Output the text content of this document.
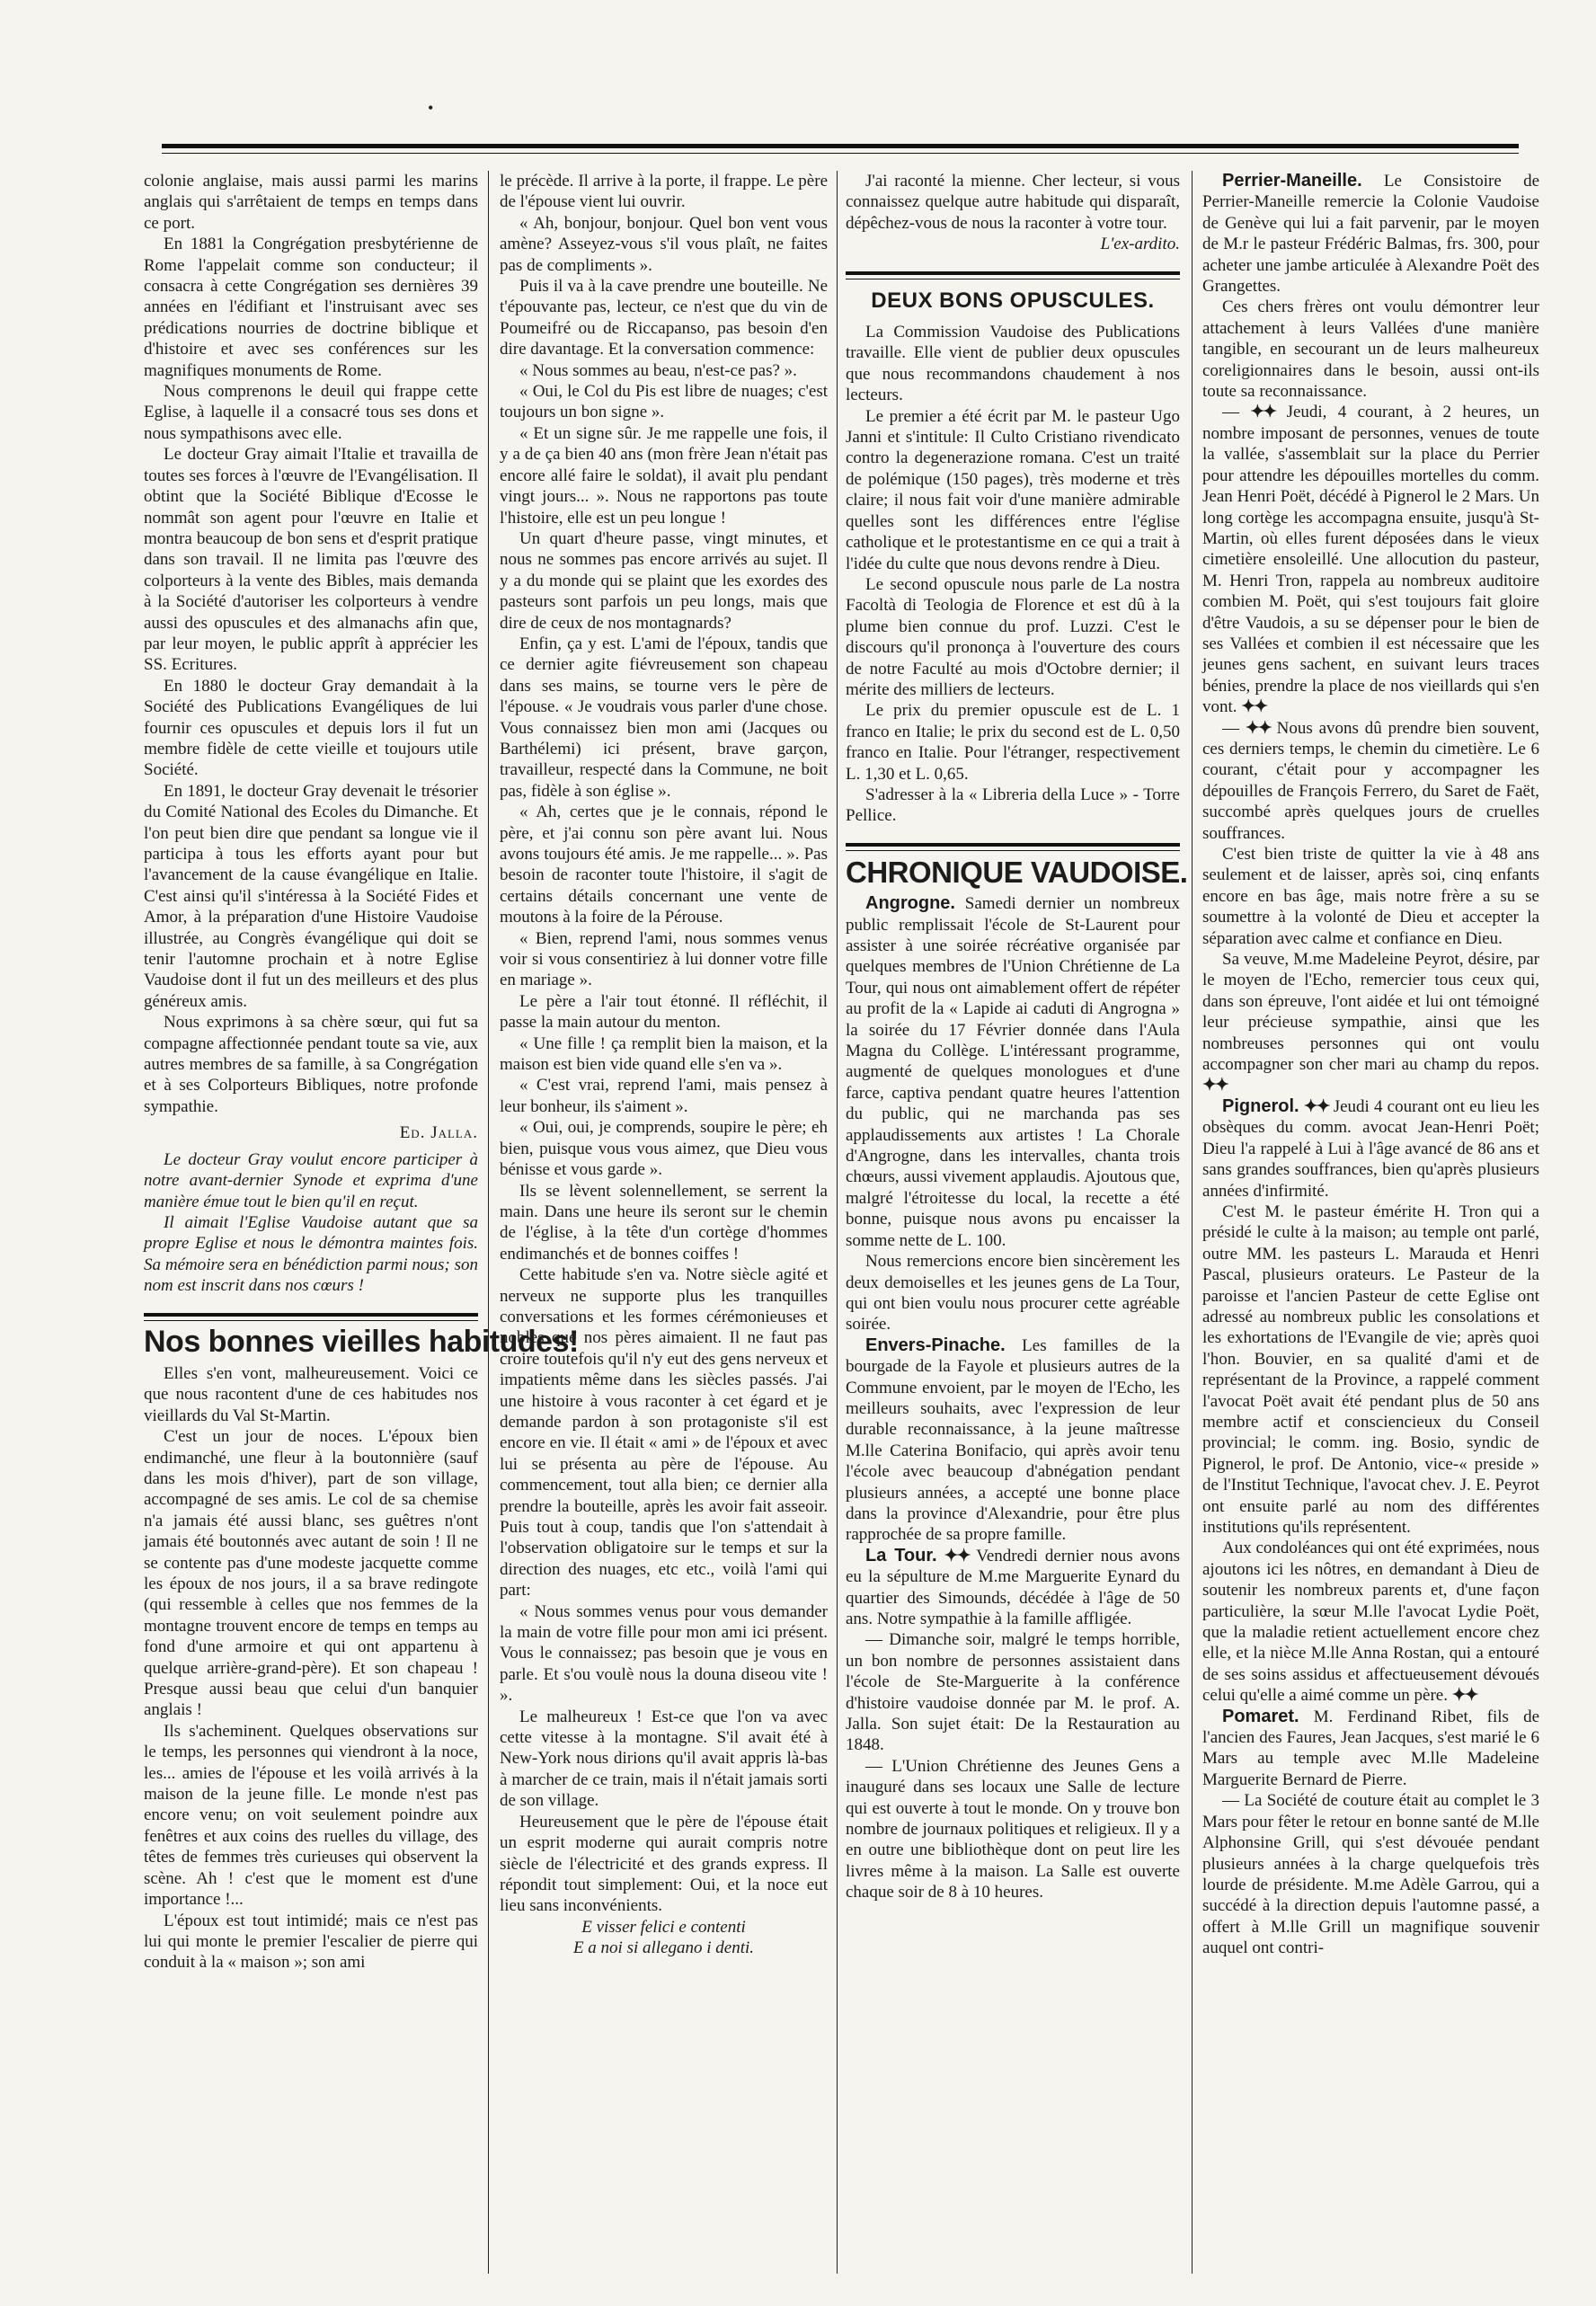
•

colonie anglaise, mais aussi parmi les marins anglais qui s'arrêtaient de temps en temps dans ce port.

En 1881 la Congrégation presbytérienne de Rome l'appelait comme son conducteur; il consacra à cette Congrégation ses dernières 39 années en l'édifiant et l'instruisant avec ses prédications nourries de doctrine biblique et d'histoire et avec ses conférences sur les magnifiques monuments de Rome.

Nous comprenons le deuil qui frappe cette Eglise, à laquelle il a consacré tous ses dons et nous sympathisons avec elle.

Le docteur Gray aimait l'Italie et travailla de toutes ses forces à l'œuvre de l'Evangélisation. Il obtint que la Société Biblique d'Ecosse le nommât son agent pour l'œuvre en Italie et montra beaucoup de bon sens et d'esprit pratique dans son travail. Il ne limita pas l'œuvre des colporteurs à la vente des Bibles, mais demanda à la Société d'autoriser les colporteurs à vendre aussi des opuscules et des almanachs afin que, par leur moyen, le public apprît à apprécier les SS. Ecritures.

En 1880 le docteur Gray demandait à la Société des Publications Evangéliques de lui fournir ces opuscules et depuis lors il fut un membre fidèle de cette vieille et toujours utile Société.

En 1891, le docteur Gray devenait le trésorier du Comité National des Ecoles du Dimanche. Et l'on peut bien dire que pendant sa longue vie il participa à tous les efforts ayant pour but l'avancement de la cause évangélique en Italie. C'est ainsi qu'il s'intéressa à la Société Fides et Amor, à la préparation d'une Histoire Vaudoise illustrée, au Congrès évangélique qui doit se tenir l'automne prochain et à notre Eglise Vaudoise dont il fut un des meilleurs et des plus généreux amis.

Nous exprimons à sa chère sœur, qui fut sa compagne affectionnée pendant toute sa vie, aux autres membres de sa famille, à sa Congrégation et à ses Colporteurs Bibliques, notre profonde sympathie.

Ed. Jalla.

Le docteur Gray voulut encore participer à notre avant-dernier Synode et exprima d'une manière émue tout le bien qu'il en reçut.

Il aimait l'Eglise Vaudoise autant que sa propre Eglise et nous le démontra maintes fois. Sa mémoire sera en bénédiction parmi nous; son nom est inscrit dans nos cœurs !

Nos bonnes vieilles habitudes!

Elles s'en vont, malheureusement. Voici ce que nous racontent d'une de ces habitudes nos vieillards du Val St-Martin.

C'est un jour de noces. L'époux bien endimanché, une fleur à la boutonnière (sauf dans les mois d'hiver), part de son village, accompagné de ses amis. Le col de sa chemise n'a jamais été aussi blanc, ses guêtres n'ont jamais été boutonnés avec autant de soin ! Il ne se contente pas d'une modeste jacquette comme les époux de nos jours, il a sa brave redingote (qui ressemble à celles que nos femmes de la montagne trouvent encore de temps en temps au fond d'une armoire et qui ont appartenu à quelque arrière-grand-père). Et son chapeau ! Presque aussi beau que celui d'un banquier anglais !

Ils s'acheminent. Quelques observations sur le temps, les personnes qui viendront à la noce, les... amies de l'épouse et les voilà arrivés à la maison de la jeune fille. Le monde n'est pas encore venu; on voit seulement poindre aux fenêtres et aux coins des ruelles du village, des têtes de femmes très curieuses qui observent la scène. Ah ! c'est que le moment est d'une importance !...

L'époux est tout intimidé; mais ce n'est pas lui qui monte le premier l'escalier de pierre qui conduit à la « maison »; son ami

le précède. Il arrive à la porte, il frappe. Le père de l'épouse vient lui ouvrir.

« Ah, bonjour, bonjour. Quel bon vent vous amène? Asseyez-vous s'il vous plaît, ne faites pas de compliments ».

Puis il va à la cave prendre une bouteille. Ne t'épouvante pas, lecteur, ce n'est que du vin de Poumeifré ou de Riccapanso, pas besoin d'en dire davantage. Et la conversation commence:

« Nous sommes au beau, n'est-ce pas? ».

« Oui, le Col du Pis est libre de nuages; c'est toujours un bon signe ».

« Et un signe sûr. Je me rappelle une fois, il y a de ça bien 40 ans (mon frère Jean n'était pas encore allé faire le soldat), il avait plu pendant vingt jours... ». Nous ne rapportons pas toute l'histoire, elle est un peu longue !

Un quart d'heure passe, vingt minutes, et nous ne sommes pas encore arrivés au sujet. Il y a du monde qui se plaint que les exordes des pasteurs sont parfois un peu longs, mais que dire de ceux de nos montagnards?

Enfin, ça y est. L'ami de l'époux, tandis que ce dernier agite fiévreusement son chapeau dans ses mains, se tourne vers le père de l'épouse. « Je voudrais vous parler d'une chose. Vous connaissez bien mon ami (Jacques ou Barthélemi) ici présent, brave garçon, travailleur, respecté dans la Commune, ne boit pas, fidèle à son église ».

« Ah, certes que je le connais, répond le père, et j'ai connu son père avant lui. Nous avons toujours été amis. Je me rappelle... ». Pas besoin de raconter toute l'histoire, il s'agit de certains détails concernant une vente de moutons à la foire de la Pérouse.

« Bien, reprend l'ami, nous sommes venus voir si vous consentiriez à lui donner votre fille en mariage ».

Le père a l'air tout étonné. Il réfléchit, il passe la main autour du menton.

« Une fille ! ça remplit bien la maison, et la maison est bien vide quand elle s'en va ».

« C'est vrai, reprend l'ami, mais pensez à leur bonheur, ils s'aiment ».

« Oui, oui, je comprends, soupire le père; eh bien, puisque vous vous aimez, que Dieu vous bénisse et vous garde ».

Ils se lèvent solennellement, se serrent la main. Dans une heure ils seront sur le chemin de l'église, à la tête d'un cortège d'hommes endimanchés et de bonnes coiffes !

Cette habitude s'en va. Notre siècle agité et nerveux ne supporte plus les tranquilles conversations et les formes cérémonieuses et nobles que nos pères aimaient. Il ne faut pas croire toutefois qu'il n'y eut des gens nerveux et impatients même dans les siècles passés. J'ai une histoire à vous raconter à cet égard et je demande pardon à son protagoniste s'il est encore en vie. Il était « ami » de l'époux et avec lui se présenta au père de l'épouse. Au commencement, tout alla bien; ce dernier alla prendre la bouteille, après les avoir fait asseoir. Puis tout à coup, tandis que l'on s'attendait à l'observation obligatoire sur le temps et sur la direction des nuages, etc etc., voilà l'ami qui part:

« Nous sommes venus pour vous demander la main de votre fille pour mon ami ici présent. Vous le connaissez; pas besoin que je vous en parle. Et s'ou voulè nous la douna diseou vite ! ».

Le malheureux ! Est-ce que l'on va avec cette vitesse à la montagne. S'il avait été à New-York nous dirions qu'il avait appris là-bas à marcher de ce train, mais il n'était jamais sorti de son village.

Heureusement que le père de l'épouse était un esprit moderne qui aurait compris notre siècle de l'électricité et des grands express. Il répondit tout simplement: Oui, et la noce eut lieu sans inconvénients.

E visser felici e contenti
E a noi si allegano i denti.

J'ai raconté la mienne. Cher lecteur, si vous connaissez quelque autre habitude qui disparaît, dépêchez-vous de nous la raconter à votre tour.

L'ex-ardito.
DEUX BONS OPUSCULES.

La Commission Vaudoise des Publications travaille. Elle vient de publier deux opuscules que nous recommandons chaudement à nos lecteurs.

Le premier a été écrit par M. le pasteur Ugo Janni et s'intitule: Il Culto Cristiano rivendicato contro la degenerazione romana. C'est un traité de polémique (150 pages), très moderne et très claire; il nous fait voir d'une manière admirable quelles sont les différences entre l'église catholique et le protestantisme en ce qui a trait à l'idée du culte que nous devons rendre à Dieu.

Le second opuscule nous parle de La nostra Facoltà di Teologia de Florence et est dû à la plume bien connue du prof. Luzzi. C'est le discours qu'il prononça à l'ouverture des cours de notre Faculté au mois d'Octobre dernier; il mérite des milliers de lecteurs.

Le prix du premier opuscule est de L. 1 franco en Italie; le prix du second est de L. 0,50 franco en Italie. Pour l'étranger, respectivement L. 1,30 et L. 0,65.

S'adresser à la « Libreria della Luce » - Torre Pellice.

CHRONIQUE VAUDOISE.

Angrogne. Samedi dernier un nombreux public remplissait l'école de St-Laurent pour assister à une soirée récréative organisée par quelques membres de l'Union Chrétienne de La Tour, qui nous ont aimablement offert de répéter au profit de la « Lapide ai caduti di Angrogna » la soirée du 17 Février donnée dans l'Aula Magna du Collège. L'intéressant programme, augmenté de quelques monologues et d'une farce, captiva pendant quatre heures l'attention du public, qui ne marchanda pas ses applaudissements aux artistes ! La Chorale d'Angrogne, dans les intervalles, chanta trois chœurs, aussi vivement applaudis. Ajoutous que, malgré l'étroitesse du local, la recette a été bonne, puisque nous avons pu encaisser la somme nette de L. 100.

Nous remercions encore bien sincèrement les deux demoiselles et les jeunes gens de La Tour, qui ont bien voulu nous procurer cette agréable soirée.

Envers-Pinache. Les familles de la bourgade de la Fayole et plusieurs autres de la Commune envoient, par le moyen de l'Echo, les meilleurs souhaits, avec l'expression de leur durable reconnaissance, à la jeune maîtresse M.lle Caterina Bonifacio, qui après avoir tenu l'école avec beaucoup d'abnégation pendant plusieurs années, a accepté une bonne place dans la province d'Alexandrie, pour être plus rapprochée de sa propre famille.

La Tour. ✦✦ Vendredi dernier nous avons eu la sépulture de M.me Marguerite Eynard du quartier des Simounds, décédée à l'âge de 50 ans. Notre sympathie à la famille affligée.

— Dimanche soir, malgré le temps horrible, un bon nombre de personnes assistaient dans l'école de Ste-Marguerite à la conférence d'histoire vaudoise donnée par M. le prof. A. Jalla. Son sujet était: De la Restauration au 1848.

— L'Union Chrétienne des Jeunes Gens a inauguré dans ses locaux une Salle de lecture qui est ouverte à tout le monde. On y trouve bon nombre de journaux politiques et religieux. Il y a en outre une bibliothèque dont on peut lire les livres même à la maison. La Salle est ouverte chaque soir de 8 à 10 heures.

Perrier-Maneille. Le Consistoire de Perrier-Maneille remercie la Colonie Vaudoise de Genève qui lui a fait parvenir, par le moyen de M.r le pasteur Frédéric Balmas, frs. 300, pour acheter une jambe articulée à Alexandre Poët des Grangettes.

Ces chers frères ont voulu démontrer leur attachement à leurs Vallées d'une manière tangible, en secourant un de leurs malheureux coreligionnaires dans le besoin, aussi ont-ils toute sa reconnaissance.

— ✦✦ Jeudi, 4 courant, à 2 heures, un nombre imposant de personnes, venues de toute la vallée, s'assemblait sur la place du Perrier pour attendre les dépouilles mortelles du comm. Jean Henri Poët, décédé à Pignerol le 2 Mars. Un long cortège les accompagna ensuite, jusqu'à St-Martin, où elles furent déposées dans le vieux cimetière ensoleillé. Une allocution du pasteur, M. Henri Tron, rappela au nombreux auditoire combien M. Poët, qui s'est toujours fait gloire d'être Vaudois, a su se dépenser pour le bien de ses Vallées et combien il est nécessaire que les jeunes gens sachent, en suivant leurs traces bénies, prendre la place de nos vieillards qui s'en vont. ✦✦

— ✦✦ Nous avons dû prendre bien souvent, ces derniers temps, le chemin du cimetière. Le 6 courant, c'était pour y accompagner les dépouilles de François Ferrero, du Saret de Faët, succombé après quelques jours de cruelles souffrances.

C'est bien triste de quitter la vie à 48 ans seulement et de laisser, après soi, cinq enfants encore en bas âge, mais notre frère a su se soumettre à la volonté de Dieu et accepter la séparation avec calme et confiance en Dieu.

Sa veuve, M.me Madeleine Peyrot, désire, par le moyen de l'Echo, remercier tous ceux qui, dans son épreuve, l'ont aidée et lui ont témoigné leur précieuse sympathie, ainsi que les nombreuses personnes qui ont voulu accompagner son cher mari au champ du repos. ✦✦

Pignerol. ✦✦ Jeudi 4 courant ont eu lieu les obsèques du comm. avocat Jean-Henri Poët; Dieu l'a rappelé à Lui à l'âge avancé de 86 ans et sans grandes souffrances, bien qu'après plusieurs années d'infirmité.

C'est M. le pasteur émérite H. Tron qui a présidé le culte à la maison; au temple ont parlé, outre MM. les pasteurs L. Marauda et Henri Pascal, plusieurs orateurs. Le Pasteur de la paroisse et l'ancien Pasteur de cette Eglise ont adressé au nombreux public les consolations et les exhortations de l'Evangile de vie; après quoi l'hon. Bouvier, en sa qualité d'ami et de représentant de la Province, a rappelé comment l'avocat Poët avait été pendant plus de 50 ans membre actif et consciencieux du Conseil provincial; le comm. ing. Bosio, syndic de Pignerol, le prof. De Antonio, vice-« preside » de l'Institut Technique, l'avocat chev. J. E. Peyrot ont ensuite parlé au nom des différentes institutions qu'ils représentent.

Aux condoléances qui ont été exprimées, nous ajoutons ici les nôtres, en demandant à Dieu de soutenir les nombreux parents et, d'une façon particulière, la sœur M.lle l'avocat Lydie Poët, que la maladie retient actuellement encore chez elle, et la nièce M.lle Anna Rostan, qui a entouré de ses soins assidus et affectueusement dévoués celui qu'elle a aimé comme un père. ✦✦

Pomaret. M. Ferdinand Ribet, fils de l'ancien des Faures, Jean Jacques, s'est marié le 6 Mars au temple avec M.lle Madeleine Marguerite Bernard de Pierre.

— La Société de couture était au complet le 3 Mars pour fêter le retour en bonne santé de M.lle Alphonsine Grill, qui s'est dévouée pendant plusieurs années à la charge quelquefois très lourde de présidente. M.me Adèle Garrou, qui a succédé à la direction depuis l'automne passé, a offert à M.lle Grill un magnifique souvenir auquel ont contri-
